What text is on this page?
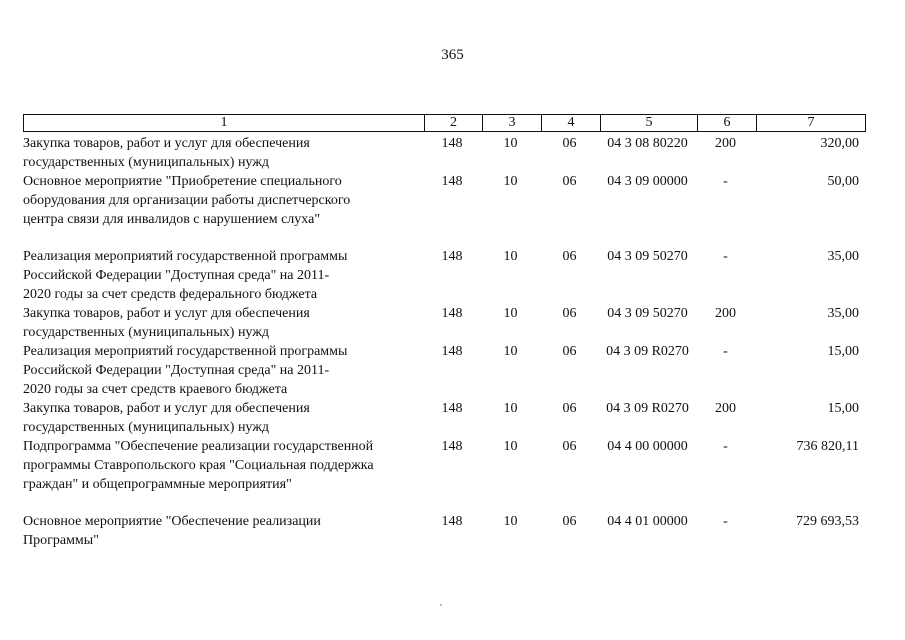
365
1	2	3	4	5	6	7
Закупка товаров, работ и услуг для обеспечения
государственных (муниципальных) нужд
148	10	06	04 3 08 80220	200	320,00
Основное мероприятие "Приобретение специального
оборудования для организации работы диспетчерского
центра связи для инвалидов с нарушением слуха"
148	10	06	04 3 09 00000	-	50,00
Реализация мероприятий государственной программы
Российской Федерации "Доступная среда" на 2011-
2020 годы за счет средств федерального бюджета
148	10	06	04 3 09 50270	-	35,00
Закупка товаров, работ и услуг для обеспечения
государственных (муниципальных) нужд
148	10	06	04 3 09 50270	200	35,00
Реализация мероприятий государственной программы
Российской Федерации "Доступная среда" на 2011-
2020 годы за счет средств краевого бюджета
148	10	06	04 3 09 R0270	-	15,00
Закупка товаров, работ и услуг для обеспечения
государственных (муниципальных) нужд
148	10	06	04 3 09 R0270	200	15,00
Подпрограмма "Обеспечение реализации государственной
программы Ставропольского края "Социальная поддержка
граждан" и общепрограммные мероприятия"
148	10	06	04 4 00 00000	-	736 820,11
Основное мероприятие "Обеспечение реализации
Программы"
148	10	06	04 4 01 00000	-	729 693,53
